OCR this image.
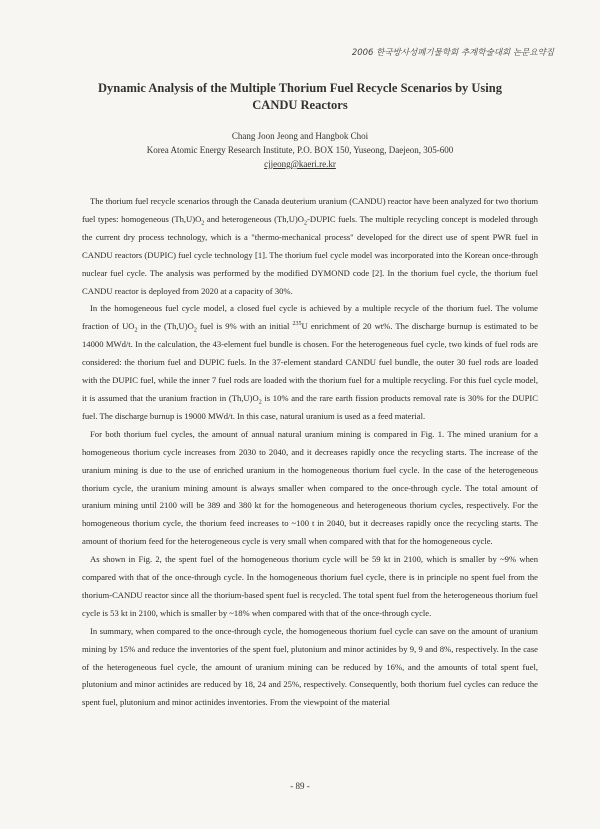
2006 한국방사성폐기물학회 추계학술대회 논문요약집
Dynamic Analysis of the Multiple Thorium Fuel Recycle Scenarios by Using
CANDU Reactors
Chang Joon Jeong and Hangbok Choi
Korea Atomic Energy Research Institute, P.O. BOX 150, Yuseong, Daejeon, 305-600
cjjeong@kaeri.re.kr

The thorium fuel recycle scenarios through the Canada deuterium uranium (CANDU) reactor have been analyzed for two thorium fuel types: homogeneous $(Th,U)O_2$ and heterogeneous $(Th,U)O_2$-DUPIC fuels. The multiple recycling concept is modeled through the current dry process technology, which is a "thermo-mechanical process" developed for the direct use of spent PWR fuel in CANDU reactors (DUPIC) fuel cycle technology [1]. The thorium fuel cycle model was incorporated into the Korean once-through nuclear fuel cycle. The analysis was performed by the modified DYMOND code [2]. In the thorium fuel cycle, the thorium fuel CANDU reactor is deployed from 2020 at a capacity of 30%.

In the homogeneous fuel cycle model, a closed fuel cycle is achieved by a multiple recycle of the thorium fuel. The volume fraction of $UO_2$ in the $(Th,U)O_2$ fuel is 9% with an initial $^{235}$U enrichment of 20 wt%. The discharge burnup is estimated to be 14000 MWd/t. In the calculation, the 43-element fuel bundle is chosen. For the heterogeneous fuel cycle, two kinds of fuel rods are considered: the thorium fuel and DUPIC fuels. In the 37-element standard CANDU fuel bundle, the outer 30 fuel rods are loaded with the DUPIC fuel, while the inner 7 fuel rods are loaded with the thorium fuel for a multiple recycling. For this fuel cycle model, it is assumed that the uranium fraction in $(Th,U)O_2$ is 10% and the rare earth fission products removal rate is 30% for the DUPIC fuel. The discharge burnup is 19000 MWd/t. In this case, natural uranium is used as a feed material.

For both thorium fuel cycles, the amount of annual natural uranium mining is compared in Fig. 1. The mined uranium for a homogeneous thorium cycle increases from 2030 to 2040, and it decreases rapidly once the recycling starts. The increase of the uranium mining is due to the use of enriched uranium in the homogeneous thorium fuel cycle. In the case of the heterogeneous thorium cycle, the uranium mining amount is always smaller when compared to the once-through cycle. The total amount of uranium mining until 2100 will be 389 and 380 kt for the homogeneous and heterogeneous thorium cycles, respectively. For the homogeneous thorium cycle, the thorium feed increases to ~100 t in 2040, but it decreases rapidly once the recycling starts. The amount of thorium feed for the heterogeneous cycle is very small when compared with that for the homogeneous cycle.

As shown in Fig. 2, the spent fuel of the homogeneous thorium cycle will be 59 kt in 2100, which is smaller by ~9% when compared with that of the once-through cycle. In the homogeneous thorium fuel cycle, there is in principle no spent fuel from the thorium-CANDU reactor since all the thorium-based spent fuel is recycled. The total spent fuel from the heterogeneous thorium fuel cycle is 53 kt in 2100, which is smaller by ~18% when compared with that of the once-through cycle.

In summary, when compared to the once-through cycle, the homogeneous thorium fuel cycle can save on the amount of uranium mining by 15% and reduce the inventories of the spent fuel, plutonium and minor actinides by 9, 9 and 8%, respectively. In the case of the heterogeneous fuel cycle, the amount of uranium mining can be reduced by 16%, and the amounts of total spent fuel, plutonium and minor actinides are reduced by 18, 24 and 25%, respectively. Consequently, both thorium fuel cycles can reduce the spent fuel, plutonium and minor actinides inventories. From the viewpoint of the material

- 89 -
